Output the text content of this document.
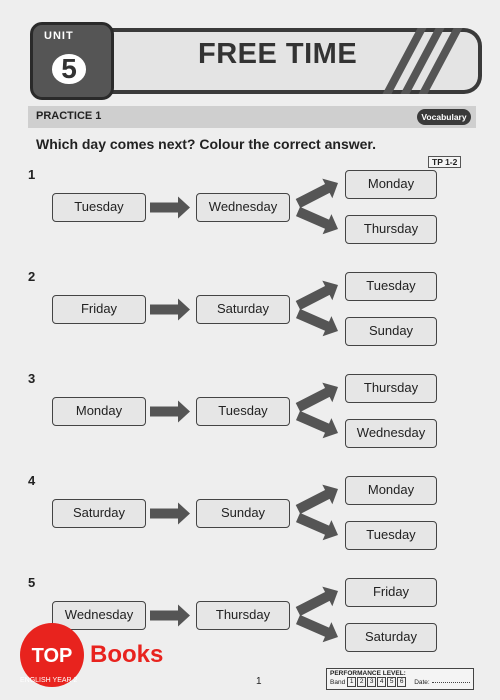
UNIT
5	FREE TIME
PRACTICE 1	Vocabulary
Which day comes next? Colour the correct answer.
TP 1-2
1
Tuesday	Wednesday
Monday
Thursday
2
Friday	Saturday
Tuesday
Sunday
3
Monday	Tuesday
Thursday
Wednesday
4
Saturday	Sunday
Monday
Tuesday
5
Wednesday	Thursday
Friday
Saturday
TOP Books
ENGLISH YEAR 2	1
PERFORMANCE LEVEL:
Band 1 2 3 4 5 6	Date:
